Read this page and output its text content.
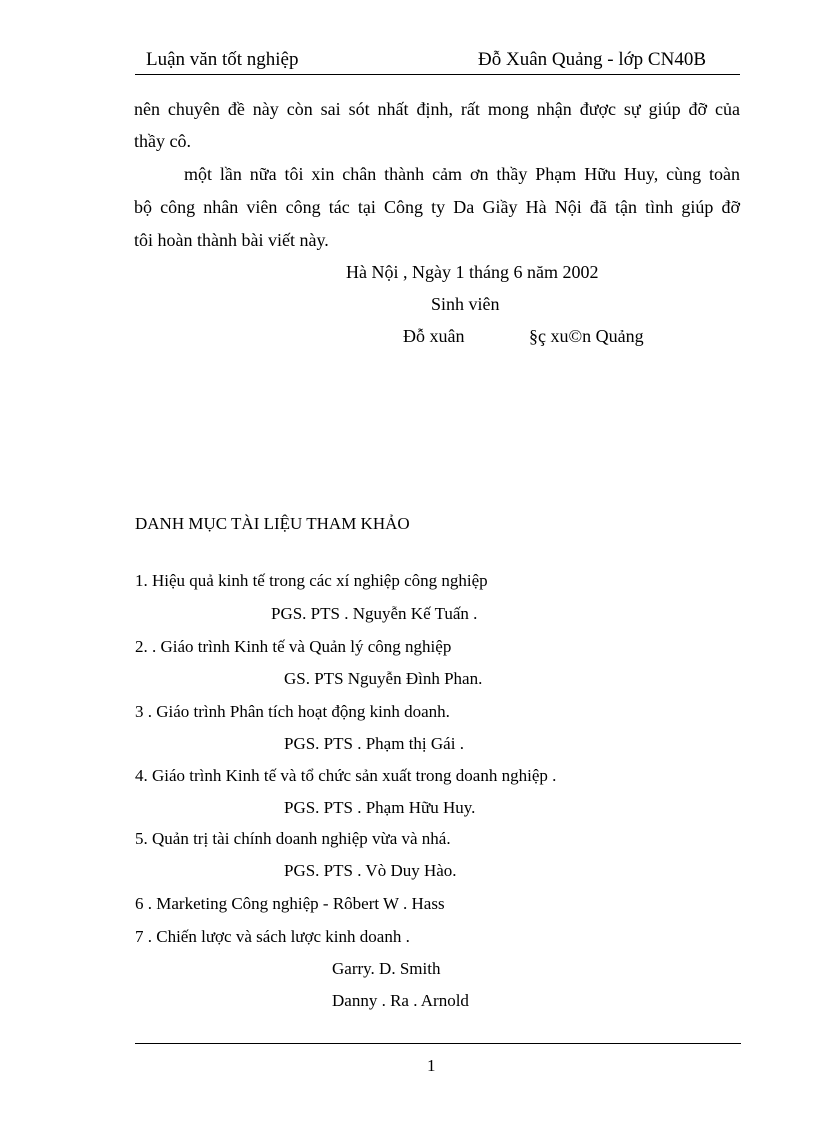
Luận văn tốt nghiệp	Đỗ Xuân Quảng - lớp CN40B
nên chuyên đề này còn sai sót nhất định, rất mong nhận được sự giúp đỡ của
thầy cô.
một lần nữa tôi xin chân thành cảm ơn thầy Phạm Hữu Huy, cùng toàn
bộ công nhân viên công tác tại Công ty Da Giầy Hà Nội đã tận tình giúp đỡ
tôi hoàn thành bài viết này.
Hà Nội , Ngày 1 tháng 6 năm 2002
Sinh viên
Đỗ xuân	§ç xu©n Quảng
DANH MỤC TÀI LIỆU THAM KHẢO
1. Hiệu quả kinh tế trong các xí nghiệp công nghiệp
PGS. PTS . Nguyễn Kế Tuấn .
2. . Giáo trình Kinh tế và Quản lý công nghiệp
GS. PTS Nguyễn Đình Phan.
3 . Giáo trình Phân tích hoạt động kinh doanh.
PGS. PTS . Phạm thị Gái .
4. Giáo trình Kinh tế và tổ chức sản xuất trong doanh nghiệp .
PGS. PTS . Phạm Hữu Huy.
5. Quản trị tài chính doanh nghiệp vừa và nhá.
PGS. PTS . Vò Duy Hào.
6 . Marketing Công nghiệp - Rôbert W . Hass
7 . Chiến lược và sách lược kinh doanh .
Garry. D. Smith
Danny . Ra . Arnold
1
